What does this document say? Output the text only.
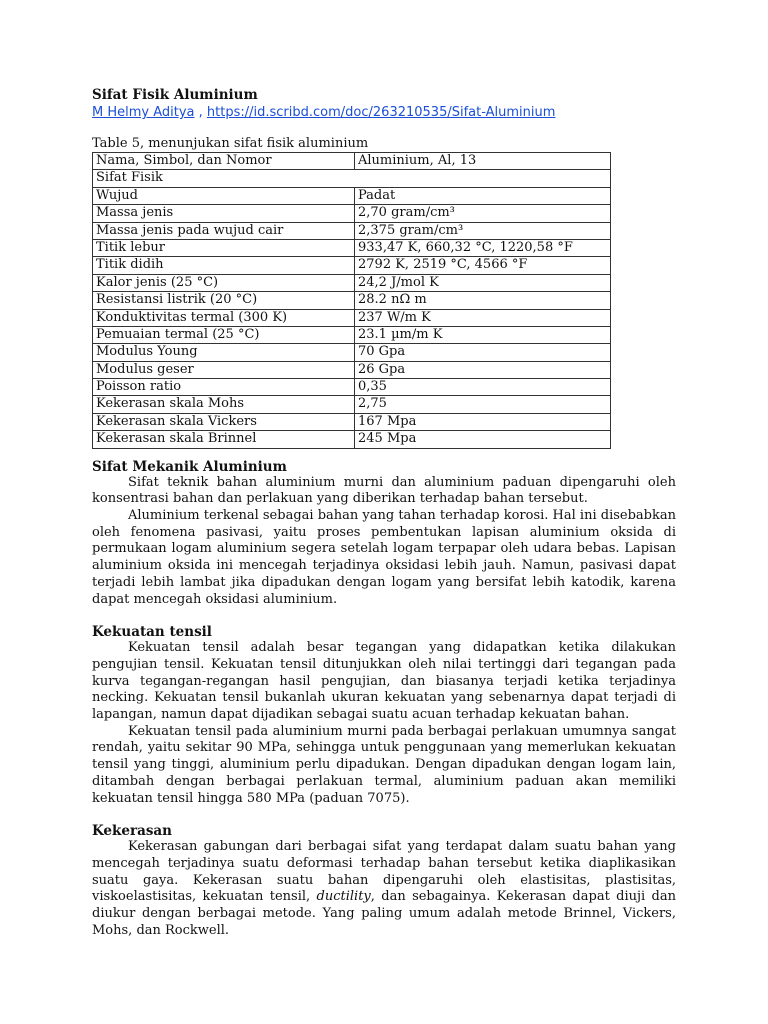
Sifat Fisik Aluminium

M Helmy Aditya , https://id.scribd.com/doc/263210535/Sifat-Aluminium

Table 5, menunjukan sifat fisik aluminium

Nama, Simbol, dan Nomor	Aluminium, Al, 13
Sifat Fisik	
Wujud	Padat
Massa jenis	2,70 gram/cm³
Massa jenis pada wujud cair	2,375 gram/cm³
Titik lebur	933,47 K, 660,32 °C, 1220,58 °F
Titik didih	2792 K, 2519 °C, 4566 °F
Kalor jenis (25 °C)	24,2 J/mol K
Resistansi listrik (20 °C)	28.2 nΩ m
Konduktivitas termal (300 K)	237 W/m K
Pemuaian termal (25 °C)	23.1 µm/m K
Modulus Young	70 Gpa
Modulus geser	26 Gpa
Poisson ratio	0,35
Kekerasan skala Mohs	2,75
Kekerasan skala Vickers	167 Mpa
Kekerasan skala Brinnel	245 Mpa
Sifat Mekanik Aluminium

Sifat teknik bahan aluminium murni dan aluminium paduan dipengaruhi oleh konsentrasi bahan dan perlakuan yang diberikan terhadap bahan tersebut.

Aluminium terkenal sebagai bahan yang tahan terhadap korosi. Hal ini disebabkan oleh fenomena pasivasi, yaitu proses pembentukan lapisan aluminium oksida di permukaan logam aluminium segera setelah logam terpapar oleh udara bebas. Lapisan aluminium oksida ini mencegah terjadinya oksidasi lebih jauh. Namun, pasivasi dapat terjadi lebih lambat jika dipadukan dengan logam yang bersifat lebih katodik, karena dapat mencegah oksidasi aluminium.

Kekuatan tensil

Kekuatan tensil adalah besar tegangan yang didapatkan ketika dilakukan pengujian tensil. Kekuatan tensil ditunjukkan oleh nilai tertinggi dari tegangan pada kurva tegangan-regangan hasil pengujian, dan biasanya terjadi ketika terjadinya necking. Kekuatan tensil bukanlah ukuran kekuatan yang sebenarnya dapat terjadi di lapangan, namun dapat dijadikan sebagai suatu acuan terhadap kekuatan bahan.

Kekuatan tensil pada aluminium murni pada berbagai perlakuan umumnya sangat rendah, yaitu sekitar 90 MPa, sehingga untuk penggunaan yang memerlukan kekuatan tensil yang tinggi, aluminium perlu dipadukan. Dengan dipadukan dengan logam lain, ditambah dengan berbagai perlakuan termal, aluminium paduan akan memiliki kekuatan tensil hingga 580 MPa (paduan 7075).

Kekerasan

Kekerasan gabungan dari berbagai sifat yang terdapat dalam suatu bahan yang mencegah terjadinya suatu deformasi terhadap bahan tersebut ketika diaplikasikan suatu gaya. Kekerasan suatu bahan dipengaruhi oleh elastisitas, plastisitas, viskoelastisitas, kekuatan tensil, ductility, dan sebagainya. Kekerasan dapat diuji dan diukur dengan berbagai metode. Yang paling umum adalah metode Brinnel, Vickers, Mohs, dan Rockwell.
